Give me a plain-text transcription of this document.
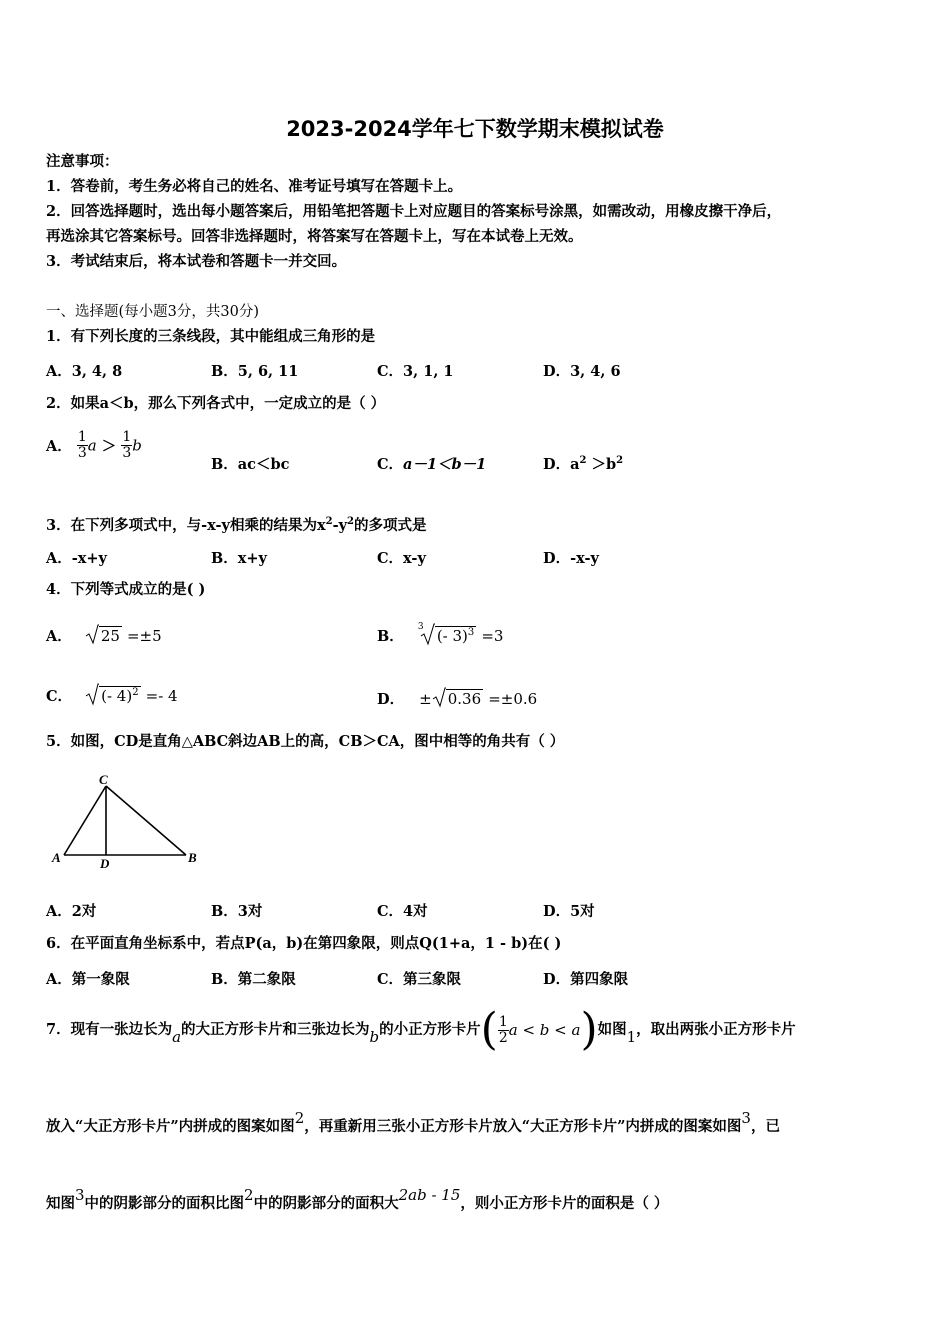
2023-2024学年七下数学期末模拟试卷
注意事项：
1．答卷前，考生务必将自己的姓名、准考证号填写在答题卡上。
2．回答选择题时，选出每小题答案后，用铅笔把答题卡上对应题目的答案标号涂黑，如需改动，用橡皮擦干净后，
再选涂其它答案标号。回答非选择题时，将答案写在答题卡上，写在本试卷上无效。
3．考试结束后，将本试卷和答题卡一并交回。
一、选择题(每小题3分，共30分)
1．有下列长度的三条线段，其中能组成三角形的是
A．3, 4, 8	B．5, 6, 11	C．3, 1, 1	D．3, 4, 6
2．如果a＜b，那么下列各式中，一定成立的是（ ）
A． $\frac{1}{3}$ $a > \frac{1}{3}$ b
B．ac＜bc	C．a－1＜b－1	D．$a^2 >b^2$
3．在下列多项式中，与-x-y相乘的结果为$x^2-y^2$的多项式是
A．-x+y	B．x+y	C．x-y	D．-x-y
4．下列等式成立的是( )
A． 25 =±5	B．
3 (- 3)$^3$ =3
C． (- 4)$^2$ =- 4	D． ± 0.36 =±0.6
5．如图，CD是直角△ABC斜边AB上的高，CB＞CA，图中相等的角共有（ ）
C
A	D	B
A．2对	B．3对	C．4对	D．5对
6．在平面直角坐标系中，若点P(a，b)在第四象限，则点Q(1+a，1 - b)在( )
A．第一象限	B．第二象限	C．第三象限	D．第四象限
7．现有一张边长为a的大正方形卡片和三张边长为b的小正方形卡片( $\frac{1}{2}$ a < b < a)如图1，取出两张小正方形卡片
放入“大正方形卡片”内拼成的图案如图2，再重新用三张小正方形卡片放入“大正方形卡片”内拼成的图案如图3，已
知图3中的阴影部分的面积比图2中的阴影部分的面积大2ab - 15，则小正方形卡片的面积是（ ）
